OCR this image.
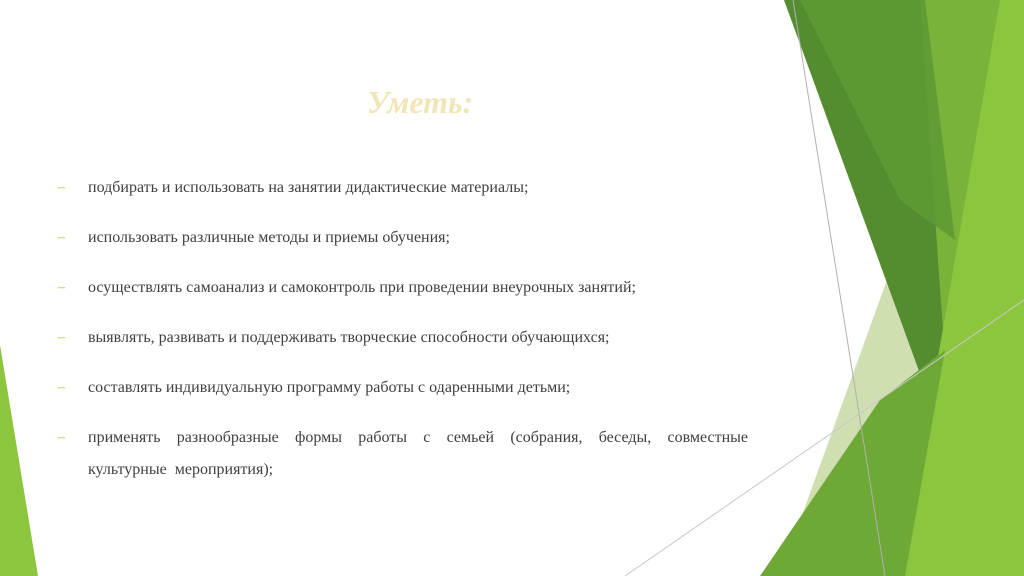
Уметь:
– подбирать и использовать на занятии дидактические материалы;
– использовать различные методы и приемы обучения;
– осуществлять самоанализ и самоконтроль при проведении внеурочных занятий;
– выявлять, развивать и поддерживать творческие способности обучающихся;
– составлять индивидуальную программу работы с одаренными детьми;
– применять разнообразные формы работы с семьей (собрания, беседы, совместные культурные мероприятия);
